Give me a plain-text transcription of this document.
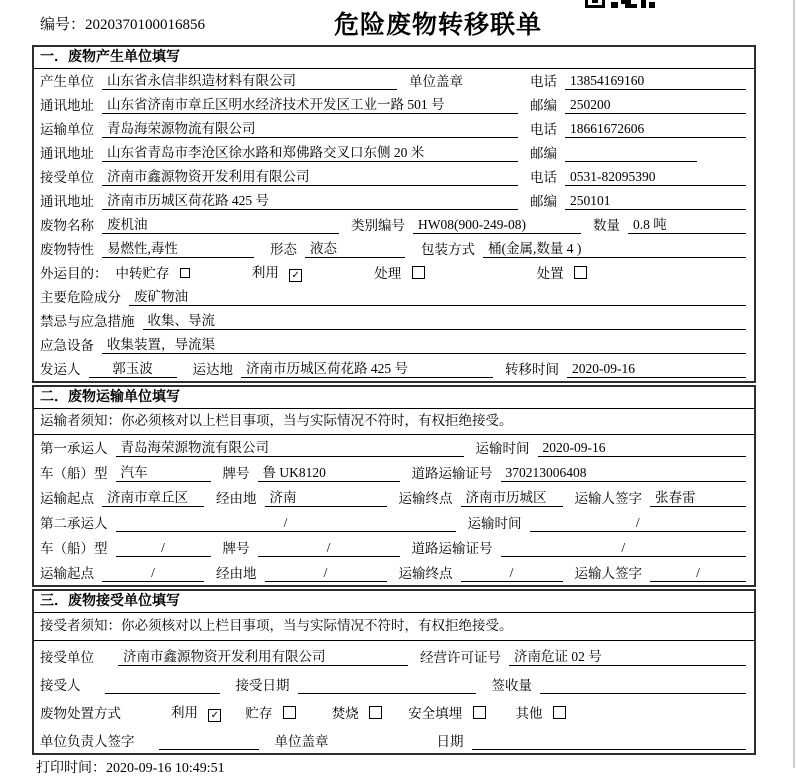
编号：2020370100016856	危险废物转移联单
一．废物产生单位填写
产生单位 山东省永信非织造材料有限公司	单位盖章	电话 13854169160
通讯地址 山东省济南市章丘区明水经济技术开发区工业一路 501 号	邮编 250200
运输单位 青岛海荣源物流有限公司	电话 18661672606
通讯地址 山东省青岛市李沧区徐水路和郑佛路交叉口东侧 20 米	邮编
接受单位 济南市鑫源物资开发利用有限公司	电话 0531-82095390
通讯地址 济南市历城区荷花路 425 号	邮编 250101
废物名称 废机油	类别编号 HW08(900-249-08)	数量 0.8 吨
废物特性 易燃性,毒性	形态 液态	包装方式 桶(金属,数量 4 )
外运目的： 中转贮存	利用 ✓	处理	处置
主要危险成分 废矿物油
禁忌与应急措施 收集、导流
应急设备 收集装置，导流渠
发运人	郭玉波	运达地 济南市历城区荷花路 425 号	转移时间 2020-09-16
二．废物运输单位填写
运输者须知：你必须核对以上栏目事项，当与实际情况不符时，有权拒绝接受。
第一承运人 青岛海荣源物流有限公司	运输时间 2020-09-16
车（船）型 汽车	牌号 鲁 UK8120	道路运输证号 370213006408
运输起点 济南市章丘区	经由地 济南	运输终点 济南市历城区	运输人签字 张春雷
第二承运人	/	运输时间	/
车（船）型	/	牌号	/	道路运输证号	/
运输起点	/	经由地	/	运输终点	/	运输人签字	/
三．废物接受单位填写
接受者须知：你必须核对以上栏目事项，当与实际情况不符时，有权拒绝接受。
接受单位	济南市鑫源物资开发利用有限公司	经营许可证号 济南危证 02 号
接受人	接受日期	签收量
废物处置方式	利用 ✓ 贮存	焚烧	安全填埋	其他
单位负责人签字	单位盖章	日期
打印时间：2020-09-16 10:49:51
